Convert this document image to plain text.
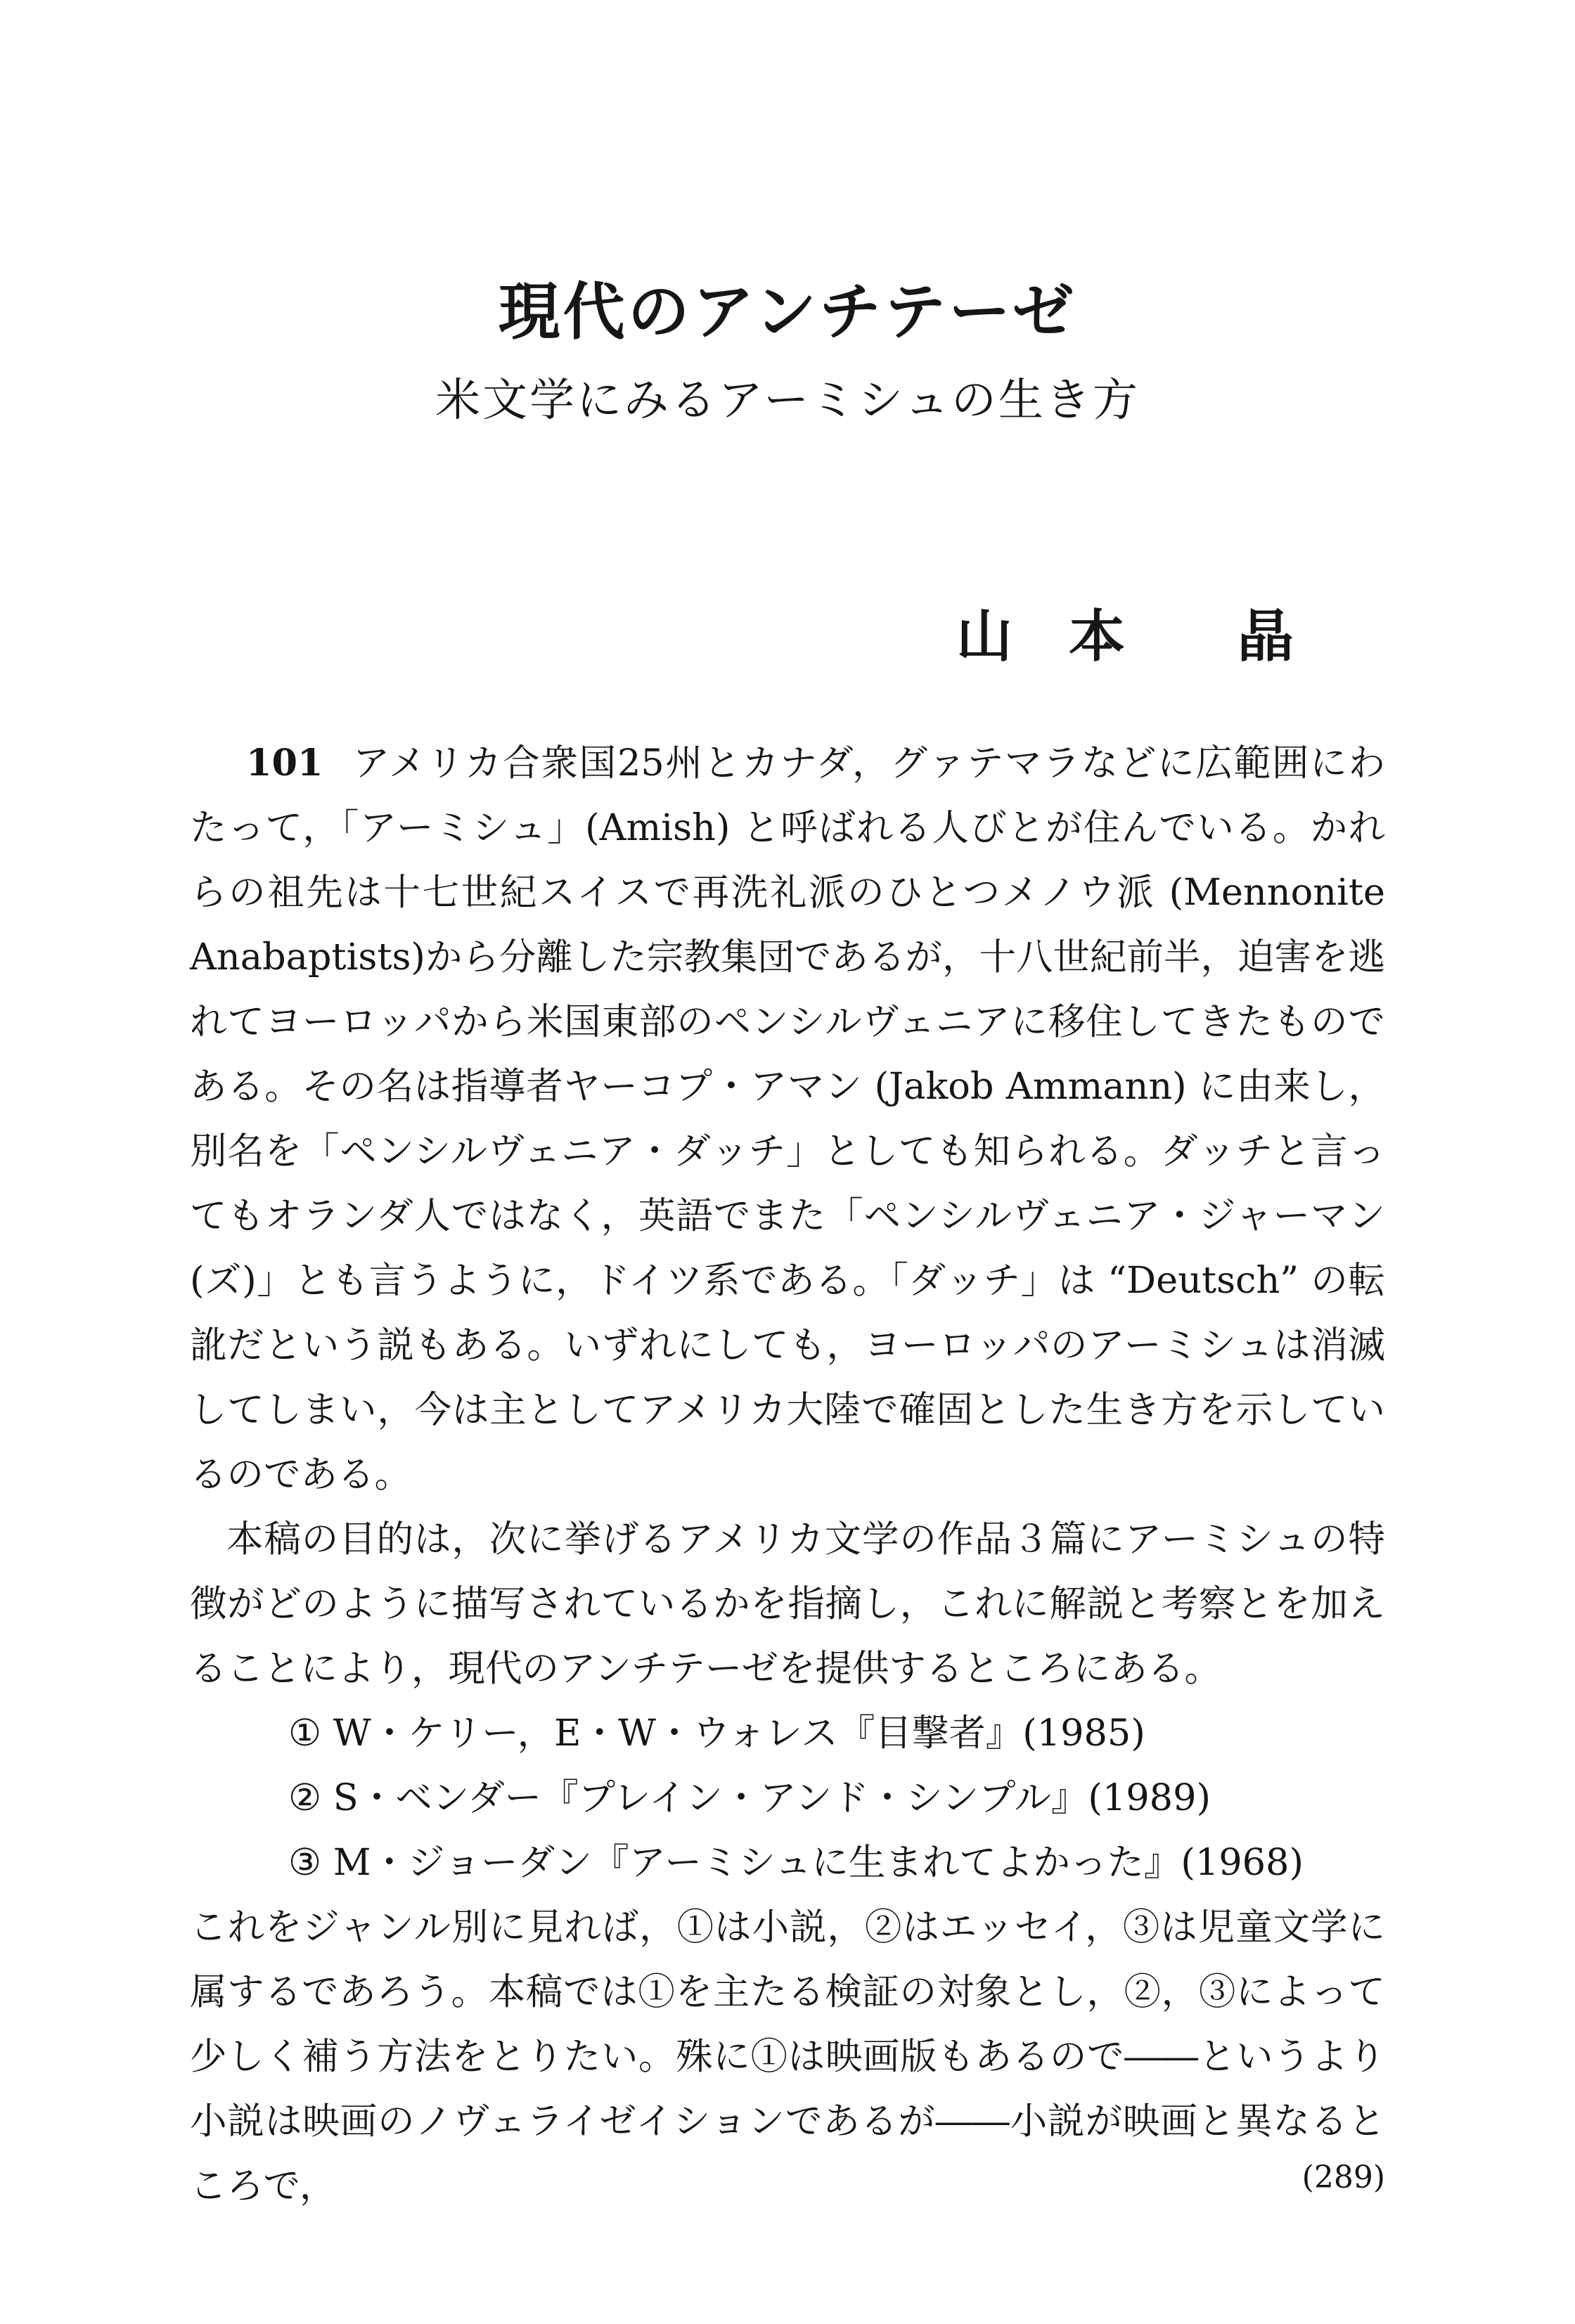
現代のアンチテーゼ
米文学にみるアーミシュの生き方
山　本　　晶

101 アメリカ合衆国25州とカナダ，グァテマラなどに広範囲にわたって，「アーミシュ」(Amish) と呼ばれる人びとが住んでいる。かれらの祖先は十七世紀スイスで再洗礼派のひとつメノウ派 (Mennonite Anabaptists)から分離した宗教集団であるが，十八世紀前半，迫害を逃れてヨーロッパから米国東部のペンシルヴェニアに移住してきたものである。その名は指導者ヤーコプ・アマン (Jakob Ammann) に由来し，別名を「ペンシルヴェニア・ダッチ」としても知られる。ダッチと言ってもオランダ人ではなく，英語でまた「ペンシルヴェニア・ジャーマン(ズ)」とも言うように，ドイツ系である。「ダッチ」は “Deutsch” の転訛だという説もある。いずれにしても，ヨーロッパのアーミシュは消滅してしまい，今は主としてアメリカ大陸で確固とした生き方を示しているのである。

本稿の目的は，次に挙げるアメリカ文学の作品３篇にアーミシュの特徴がどのように描写されているかを指摘し，これに解説と考察とを加えることにより，現代のアンチテーゼを提供するところにある。

① W・ケリー，E・W・ウォレス『目撃者』(1985)
② S・ベンダー『プレイン・アンド・シンプル』(1989)
③ M・ジョーダン『アーミシュに生まれてよかった』(1968)

これをジャンル別に見れば，①は小説，②はエッセイ，③は児童文学に属するであろう。本稿では①を主たる検証の対象とし，②，③によって少しく補う方法をとりたい。殊に①は映画版もあるので――というより小説は映画のノヴェライゼイションであるが――小説が映画と異なるところで，	(289)
